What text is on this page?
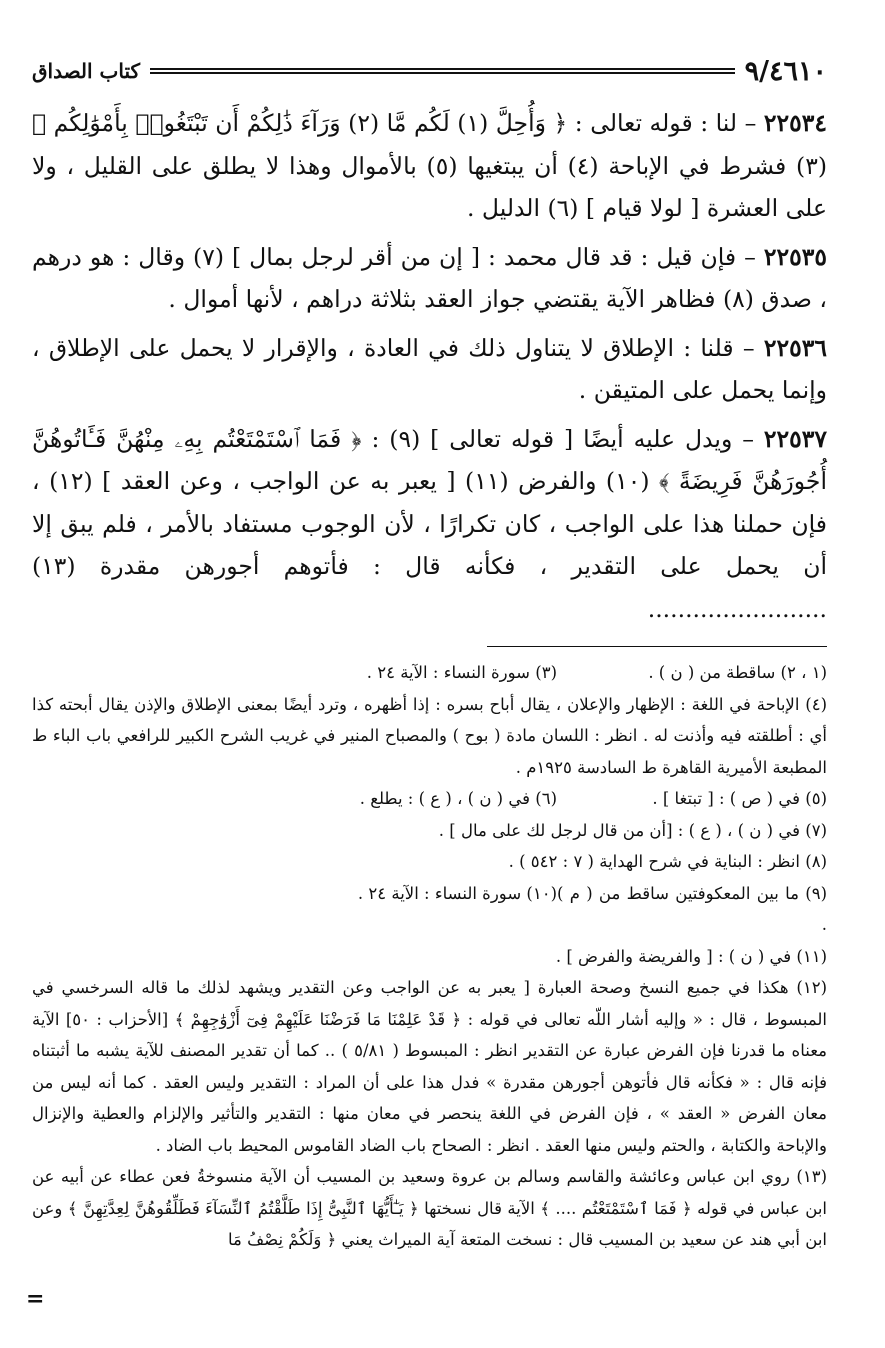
٩/٤٦١٠
كتاب الصداق

٢٢٥٣٤ – لنا : قوله تعالى : ﴿ وَأُحِلَّ (١) لَكُم مَّا (٢) وَرَآءَ ذَٰلِكُمْ أَن تَبْتَغُوا۟ بِأَمْوَٰلِكُم ﴾ (٣) فشرط في الإباحة (٤) أن يبتغيها (٥) بالأموال وهذا لا يطلق على القليل ، ولا على العشرة [ لولا قيام ] (٦) الدليل .

٢٢٥٣٥ – فإن قيل : قد قال محمد : [ إن من أقر لرجل بمال ] (٧) وقال : هو درهم ، صدق (٨) فظاهر الآية يقتضي جواز العقد بثلاثة دراهم ، لأنها أموال .

٢٢٥٣٦ – قلنا : الإطلاق لا يتناول ذلك في العادة ، والإقرار لا يحمل على الإطلاق ، وإنما يحمل على المتيقن .

٢٢٥٣٧ – ويدل عليه أيضًا [ قوله تعالى ] (٩) : ﴿ فَمَا ٱسْتَمْتَعْتُم بِهِۦ مِنْهُنَّ فَـَٔاتُوهُنَّ أُجُورَهُنَّ فَرِيضَةً ﴾ (١٠) والفرض (١١) [ يعبر به عن الواجب ، وعن العقد ] (١٢) ، فإن حملنا هذا على الواجب ، كان تكرارًا ، لأن الوجوب مستفاد بالأمر ، فلم يبق إلا أن يحمل على التقدير ، فكأنه قال : فأتوهم أجورهن مقدرة (١٣) ........................

(١ ، ٢) ساقطة من ( ن ) .
(٣) سورة النساء : الآية ٢٤ .

(٤) الإباحة في اللغة : الإظهار والإعلان ، يقال أباح بسره : إذا أظهره ، وترد أيضًا بمعنى الإطلاق والإذن يقال أبحته كذا أي : أطلقته فيه وأذنت له . انظر : اللسان مادة ( بوح ) والمصباح المنير في غريب الشرح الكبير للرافعي باب الباء ط المطبعة الأميرية القاهرة ط السادسة ١٩٢٥م .

(٥) في ( ص ) : [ تبتغا ] .
(٦) في ( ن ) ، ( ع ) : يطلع .

(٧) في ( ن ) ، ( ع ) : [أن من قال لرجل لك على مال ] .

(٨) انظر : البناية في شرح الهداية ( ٧ : ٥٤٢ ) .

(٩) ما بين المعكوفتين ساقط من ( م ) .
(١٠) سورة النساء : الآية ٢٤ .

(١١) في ( ن ) : [ والفريضة والفرض ] .

(١٢) هكذا في جميع النسخ وصحة العبارة [ يعبر به عن الواجب وعن التقدير ويشهد لذلك ما قاله السرخسي في المبسوط ، قال : « وإليه أشار اللّه تعالى في قوله : ﴿ قَدْ عَلِمْنَا مَا فَرَضْنَا عَلَيْهِمْ فِىٓ أَزْوَٰجِهِمْ ﴾ [الأحزاب : ٥٠] الآية معناه ما قدرنا فإن الفرض عبارة عن التقدير انظر : المبسوط ( ٥/٨١ ) .. كما أن تقدير المصنف للآية يشبه ما أثبتناه فإنه قال : « فكأنه قال فأتوهن أجورهن مقدرة » فدل هذا على أن المراد : التقدير وليس العقد . كما أنه ليس من معان الفرض « العقد » ، فإن الفرض في اللغة ينحصر في معان منها : التقدير والتأثير والإلزام والعطية والإنزال والإباحة والكتابة ، والحتم وليس منها العقد . انظر : الصحاح باب الضاد القاموس المحيط باب الضاد .

(١٣) روي ابن عباس وعائشة والقاسم وسالم بن عروة وسعيد بن المسيب أن الآية منسوخةُ فعن عطاء عن أبيه عن ابن عباس في قوله ﴿ فَمَا ٱسْتَمْتَعْتُم .... ﴾ الآية قال نسختها ﴿ يَـٰٓأَيُّهَا ٱلنَّبِىُّ إِذَا طَلَّقْتُمُ ٱلنِّسَآءَ فَطَلِّقُوهُنَّ لِعِدَّتِهِنَّ ﴾ وعن ابن أبي هند عن سعيد بن المسيب قال : نسخت المتعة آية الميراث يعني ﴿ وَلَكُمْ نِصْفُ مَا

=
